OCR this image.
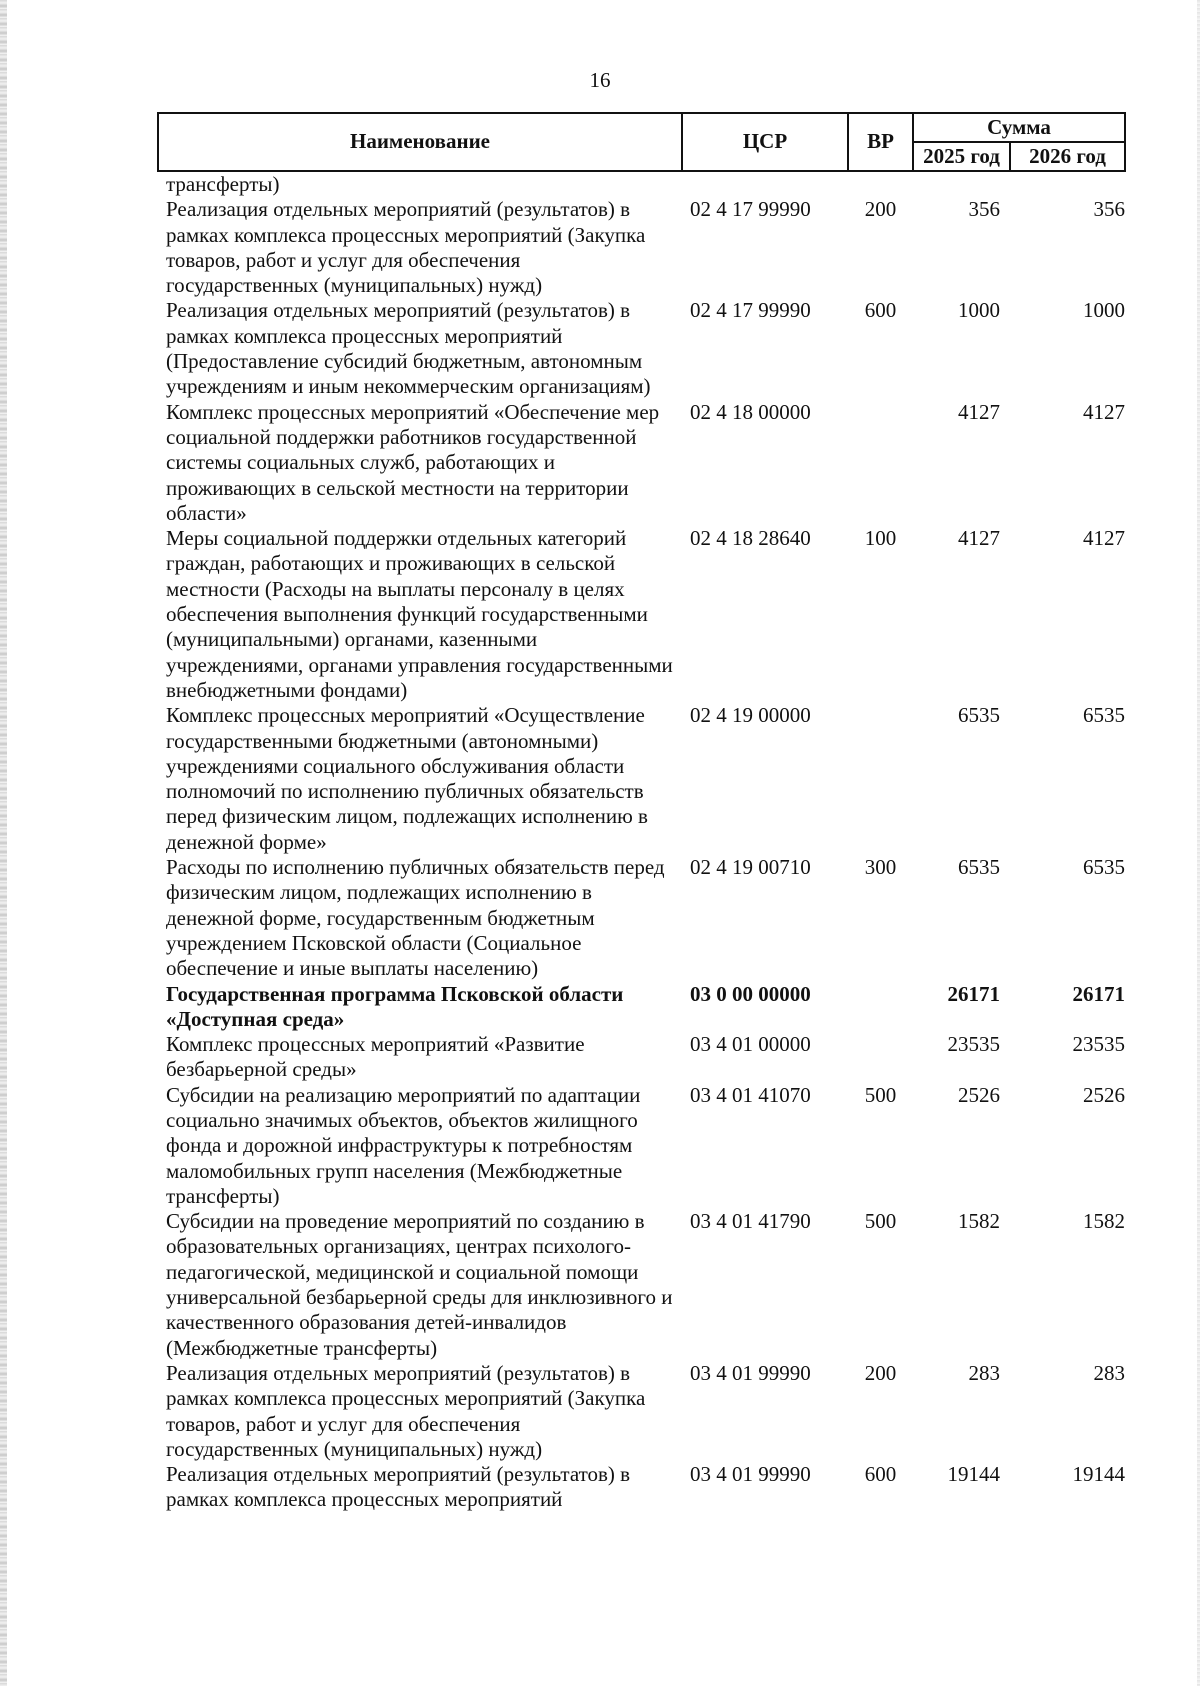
16
Наименование	ЦСР	ВР	Сумма	
			2025 год	2026 год
трансферты)				
Реализация отдельных мероприятий (результатов) в рамках комплекса процессных мероприятий (Закупка товаров, работ и услуг для обеспечения государственных (муниципальных) нужд)	02 4 17 99990	200	356	356
Реализация отдельных мероприятий (результатов) в рамках комплекса процессных мероприятий (Предоставление субсидий бюджетным, автономным учреждениям и иным некоммерческим организациям)	02 4 17 99990	600	1000	1000
Комплекс процессных мероприятий «Обеспечение мер социальной поддержки работников государственной системы социальных служб, работающих и проживающих в сельской местности на территории области»	02 4 18 00000		4127	4127
Меры социальной поддержки отдельных категорий граждан, работающих и проживающих в сельской местности (Расходы на выплаты персоналу в целях обеспечения выполнения функций государственными (муниципальными) органами, казенными учреждениями, органами управления государственными внебюджетными фондами)	02 4 18 28640	100	4127	4127
Комплекс процессных мероприятий «Осуществление государственными бюджетными (автономными) учреждениями социального обслуживания области полномочий по исполнению публичных обязательств перед физическим лицом, подлежащих исполнению в денежной форме»	02 4 19 00000		6535	6535
Расходы по исполнению публичных обязательств перед физическим лицом, подлежащих исполнению в денежной форме, государственным бюджетным учреждением Псковской области (Социальное обеспечение и иные выплаты населению)	02 4 19 00710	300	6535	6535
Государственная программа Псковской области «Доступная среда»	03 0 00 00000		26171	26171
Комплекс процессных мероприятий «Развитие безбарьерной среды»	03 4 01 00000		23535	23535
Субсидии на реализацию мероприятий по адаптации социально значимых объектов, объектов жилищного фонда и дорожной инфраструктуры к потребностям маломобильных групп населения (Межбюджетные трансферты)	03 4 01 41070	500	2526	2526
Субсидии на проведение мероприятий по созданию в образовательных организациях, центрах психолого-педагогической, медицинской и социальной помощи универсальной безбарьерной среды для инклюзивного и качественного образования детей-инвалидов (Межбюджетные трансферты)	03 4 01 41790	500	1582	1582
Реализация отдельных мероприятий (результатов) в рамках комплекса процессных мероприятий (Закупка товаров, работ и услуг для обеспечения государственных (муниципальных) нужд)	03 4 01 99990	200	283	283
Реализация отдельных мероприятий (результатов) в рамках комплекса процессных мероприятий	03 4 01 99990	600	19144	19144
